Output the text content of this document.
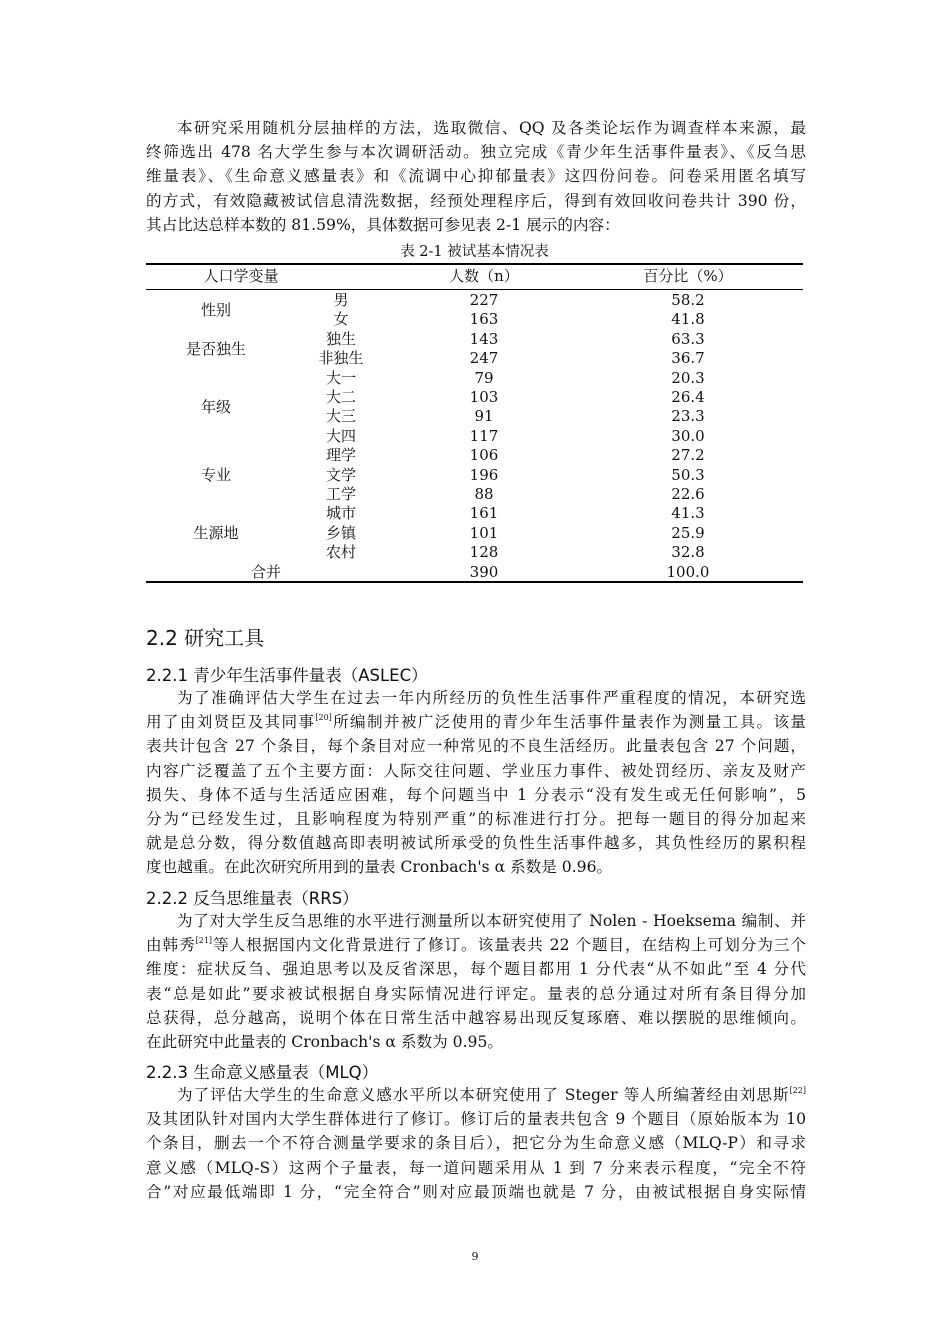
本研究采用随机分层抽样的方法，选取微信、QQ 及各类论坛作为调查样本来源，最
终筛选出 478 名大学生参与本次调研活动。独立完成《青少年生活事件量表》、《反刍思
维量表》、《生命意义感量表》和《流调中心抑郁量表》这四份问卷。问卷采用匿名填写
的方式，有效隐藏被试信息清洗数据，经预处理程序后，得到有效回收问卷共计 390 份，
其占比达总样本数的 81.59%，具体数据可参见表 2-1 展示的内容：
表 2-1 被试基本情况表
人口学变量	人数（n）	百分比（%）
性别
男	227	58.2
女	163	41.8
是否独生
独生	143	63.3
非独生	247	36.7
年级
大一	79	20.3
大二	103	26.4
大三	91	23.3
大四	117	30.0
专业
理学	106	27.2
文学	196	50.3
工学	88	22.6
生源地
城市	161	41.3
乡镇	101	25.9
农村	128	32.8
合并	390	100.0
2.2 研究工具
2.2.1 青少年生活事件量表（ASLEC）
为了准确评估大学生在过去一年内所经历的负性生活事件严重程度的情况，本研究选
用了由刘贤臣及其同事[20]所编制并被广泛使用的青少年生活事件量表作为测量工具。该量
表共计包含 27 个条目，每个条目对应一种常见的不良生活经历。此量表包含 27 个问题，
内容广泛覆盖了五个主要方面：人际交往问题、学业压力事件、被处罚经历、亲友及财产
损失、身体不适与生活适应困难，每个问题当中 1 分表示“没有发生或无任何影响”，5
分为“已经发生过，且影响程度为特别严重”的标准进行打分。把每一题目的得分加起来
就是总分数，得分数值越高即表明被试所承受的负性生活事件越多，其负性经历的累积程
度也越重。在此次研究所用到的量表 Cronbach's α 系数是 0.96。
2.2.2 反刍思维量表（RRS）
为了对大学生反刍思维的水平进行测量所以本研究使用了 Nolen - Hoeksema 编制、并
由韩秀[21]等人根据国内文化背景进行了修订。该量表共 22 个题目，在结构上可划分为三个
维度：症状反刍、强迫思考以及反省深思，每个题目都用 1 分代表“从不如此”至 4 分代
表“总是如此”要求被试根据自身实际情况进行评定。量表的总分通过对所有条目得分加
总获得，总分越高，说明个体在日常生活中越容易出现反复琢磨、难以摆脱的思维倾向。
在此研究中此量表的 Cronbach's α 系数为 0.95。
2.2.3 生命意义感量表（MLQ）
为了评估大学生的生命意义感水平所以本研究使用了 Steger 等人所编著经由刘思斯[22]
及其团队针对国内大学生群体进行了修订。修订后的量表共包含 9 个题目（原始版本为 10
个条目，删去一个不符合测量学要求的条目后），把它分为生命意义感（MLQ-P）和寻求
意义感（MLQ-S）这两个子量表，每一道问题采用从 1 到 7 分来表示程度，“完全不符
合”对应最低端即 1 分，“完全符合”则对应最顶端也就是 7 分，由被试根据自身实际情
9
